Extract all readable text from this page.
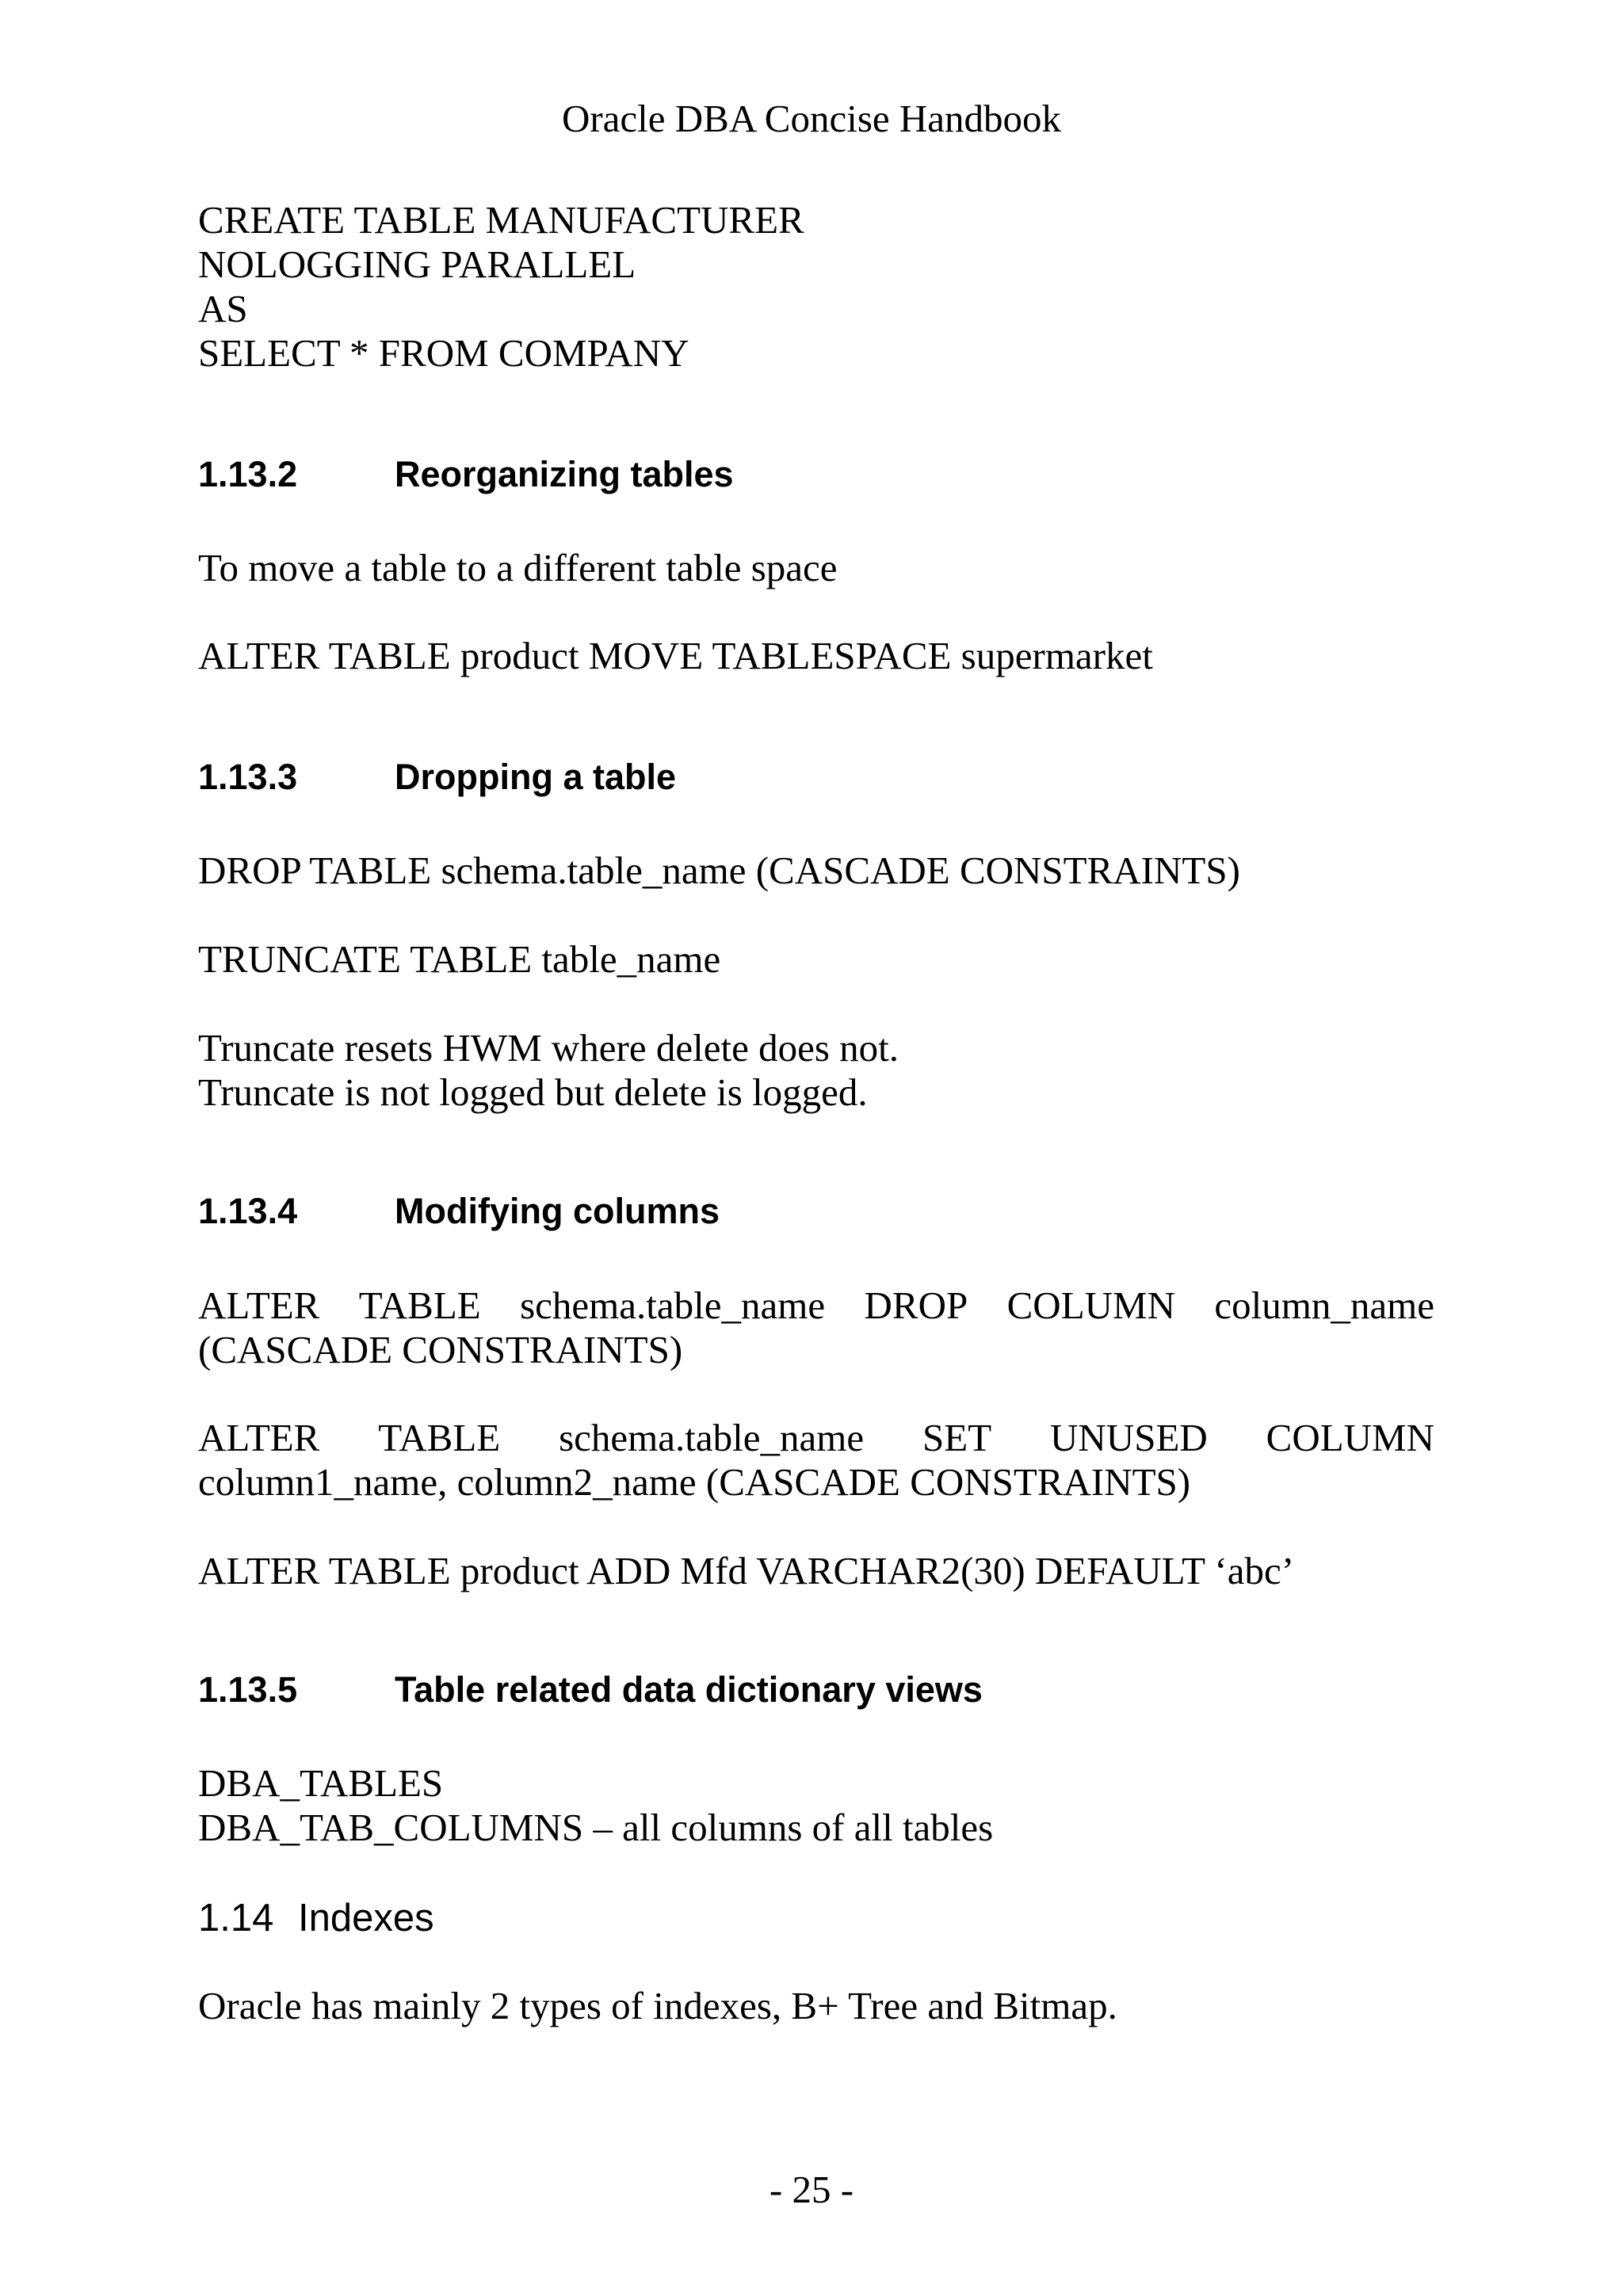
Oracle DBA Concise Handbook
CREATE TABLE MANUFACTURER
NOLOGGING PARALLEL
AS
SELECT * FROM COMPANY
1.13.2	Reorganizing tables
To move a table to a different table space
ALTER TABLE product MOVE TABLESPACE supermarket
1.13.3	Dropping a table
DROP TABLE schema.table_name (CASCADE CONSTRAINTS)
TRUNCATE TABLE table_name
Truncate resets HWM where delete does not.
Truncate is not logged but delete is logged.
1.13.4	Modifying columns
ALTER TABLE schema.table_name DROP COLUMN column_name
(CASCADE CONSTRAINTS)
ALTER TABLE schema.table_name SET UNUSED COLUMN
column1_name, column2_name (CASCADE CONSTRAINTS)
ALTER TABLE product ADD Mfd VARCHAR2(30) DEFAULT ‘abc’
1.13.5	Table related data dictionary views
DBA_TABLES
DBA_TAB_COLUMNS – all columns of all tables
1.14 Indexes
Oracle has mainly 2 types of indexes, B+ Tree and Bitmap.
- 25 -
